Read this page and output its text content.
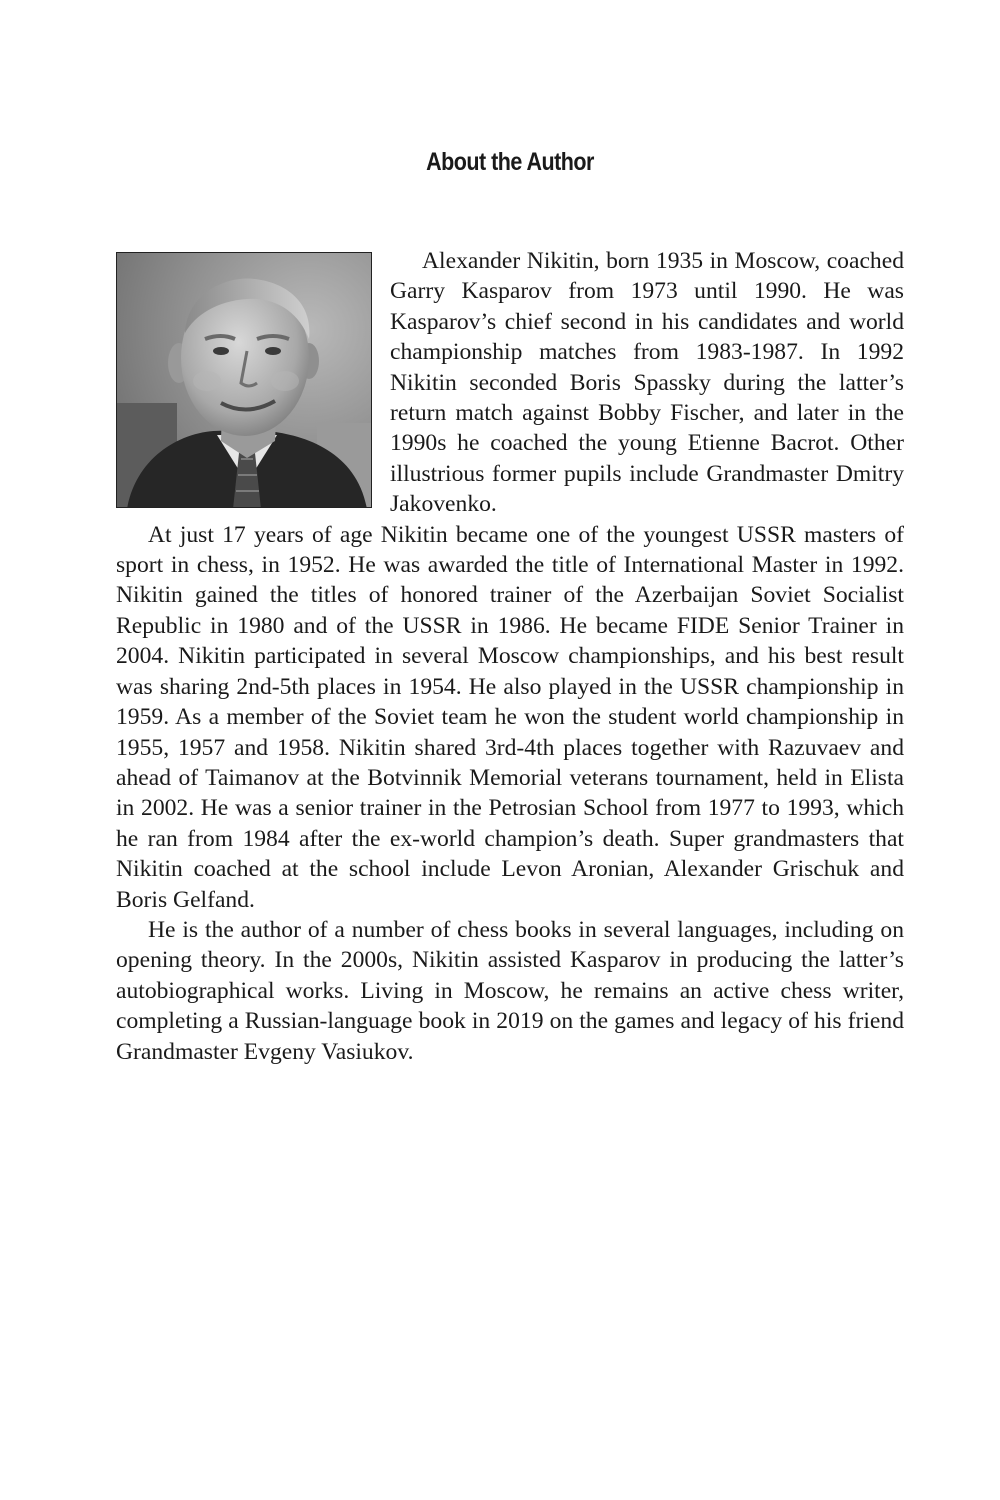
About the Author

Alexander Nikitin, born 1935 in Moscow, coached Garry Kasparov from 1973 until 1990. He was Kasparov’s chief second in his candidates and world championship matches from 1983-1987. In 1992 Nikitin seconded Boris Spassky during the latter’s return match against Bobby Fischer, and later in the 1990s he coached the young Etienne Bacrot. Other illustrious former pupils include Grandmaster Dmitry Jakovenko.

At just 17 years of age Nikitin became one of the youngest USSR masters of sport in chess, in 1952. He was awarded the title of International Master in 1992. Nikitin gained the titles of honored trainer of the Azerbaijan Soviet Socialist Republic in 1980 and of the USSR in 1986. He became FIDE Senior Trainer in 2004. Nikitin participated in several Moscow championships, and his best result was sharing 2nd-5th places in 1954. He also played in the USSR championship in 1959. As a member of the Soviet team he won the student world championship in 1955, 1957 and 1958. Nikitin shared 3rd-4th places together with Razuvaev and ahead of Taimanov at the Botvinnik Memorial veterans tournament, held in Elista in 2002. He was a senior trainer in the Petrosian School from 1977 to 1993, which he ran from 1984 after the ex-world champion’s death. Super grandmasters that Nikitin coached at the school include Levon Aronian, Alexander Grischuk and Boris Gelfand.

He is the author of a number of chess books in several languages, including on opening theory. In the 2000s, Nikitin assisted Kasparov in producing the latter’s autobiographical works. Living in Moscow, he remains an active chess writer, completing a Russian-language book in 2019 on the games and legacy of his friend Grandmaster Evgeny Vasiukov.
